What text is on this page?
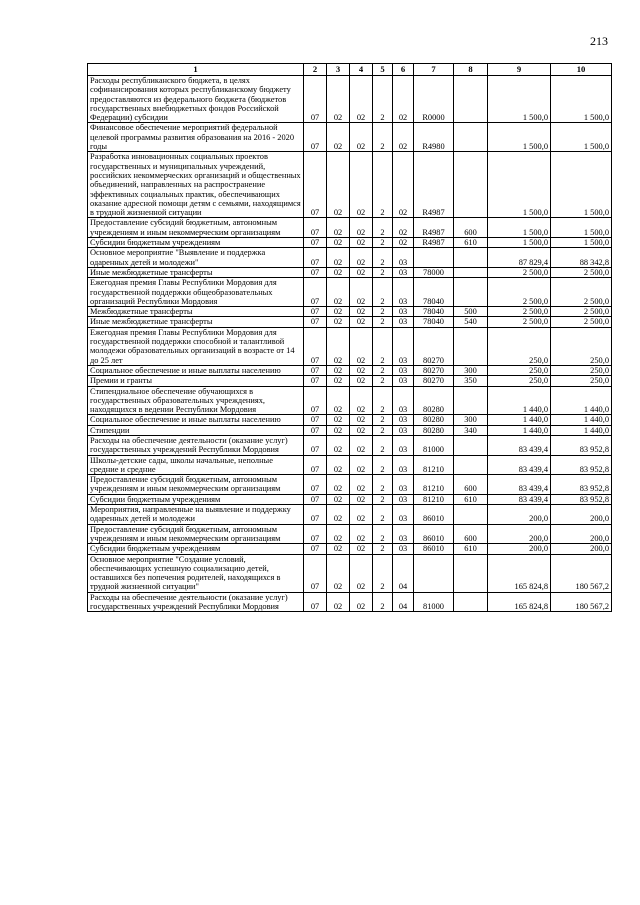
213
1	2	3	4	5	6	7	8	9	10
Расходы республиканского бюджета, в целях софинансирования которых республиканскому бюджету предоставляются из федерального бюджета (бюджетов государственных внебюджетных фондов Российской Федерации) субсидии	07	02	02	2	02	R0000		1 500,0	1 500,0
Финансовое обеспечение мероприятий федеральной целевой программы развития образования на 2016 - 2020 годы	07	02	02	2	02	R4980		1 500,0	1 500,0
Разработка инновационных социальных проектов государственных и муниципальных учреждений, российских некоммерческих организаций и общественных объединений, направленных на распространение эффективных социальных практик, обеспечивающих оказание адресной помощи детям с семьями, находящимся в трудной жизненной ситуации	07	02	02	2	02	R4987		1 500,0	1 500,0
Предоставление субсидий бюджетным, автономным учреждениям и иным некоммерческим организациям	07	02	02	2	02	R4987	600	1 500,0	1 500,0
Субсидии бюджетным учреждениям	07	02	02	2	02	R4987	610	1 500,0	1 500,0
Основное мероприятие "Выявление и поддержка одаренных детей и молодежи"	07	02	02	2	03			87 829,4	88 342,8
Иные межбюджетные трансферты	07	02	02	2	03	78000		2 500,0	2 500,0
Ежегодная премия Главы Республики Мордовия для государственной поддержки общеобразовательных организаций Республики Мордовия	07	02	02	2	03	78040		2 500,0	2 500,0
Межбюджетные трансферты	07	02	02	2	03	78040	500	2 500,0	2 500,0
Иные межбюджетные трансферты	07	02	02	2	03	78040	540	2 500,0	2 500,0
Ежегодная премия Главы Республики Мордовия для государственной поддержки способной и талантливой молодежи образовательных организаций в возрасте от 14 до 25 лет	07	02	02	2	03	80270		250,0	250,0
Социальное обеспечение и иные выплаты населению	07	02	02	2	03	80270	300	250,0	250,0
Премии и гранты	07	02	02	2	03	80270	350	250,0	250,0
Стипендиальное обеспечение обучающихся в государственных образовательных учреждениях, находящихся в ведении Республики Мордовия	07	02	02	2	03	80280		1 440,0	1 440,0
Социальное обеспечение и иные выплаты населению	07	02	02	2	03	80280	300	1 440,0	1 440,0
Стипендии	07	02	02	2	03	80280	340	1 440,0	1 440,0
Расходы на обеспечение деятельности (оказание услуг) государственных учреждений Республики Мордовия	07	02	02	2	03	81000		83 439,4	83 952,8
Школы-детские сады, школы начальные, неполные средние и средние	07	02	02	2	03	81210		83 439,4	83 952,8
Предоставление субсидий бюджетным, автономным учреждениям и иным некоммерческим организациям	07	02	02	2	03	81210	600	83 439,4	83 952,8
Субсидии бюджетным учреждениям	07	02	02	2	03	81210	610	83 439,4	83 952,8
Мероприятия, направленные на выявление и поддержку одаренных детей и молодежи	07	02	02	2	03	86010		200,0	200,0
Предоставление субсидий бюджетным, автономным учреждениям и иным некоммерческим организациям	07	02	02	2	03	86010	600	200,0	200,0
Субсидии бюджетным учреждениям	07	02	02	2	03	86010	610	200,0	200,0
Основное мероприятие "Создание условий, обеспечивающих успешную социализацию детей, оставшихся без попечения родителей, находящихся в трудной жизненной ситуации"	07	02	02	2	04			165 824,8	180 567,2
Расходы на обеспечение деятельности (оказание услуг) государственных учреждений Республики Мордовия	07	02	02	2	04	81000		165 824,8	180 567,2
